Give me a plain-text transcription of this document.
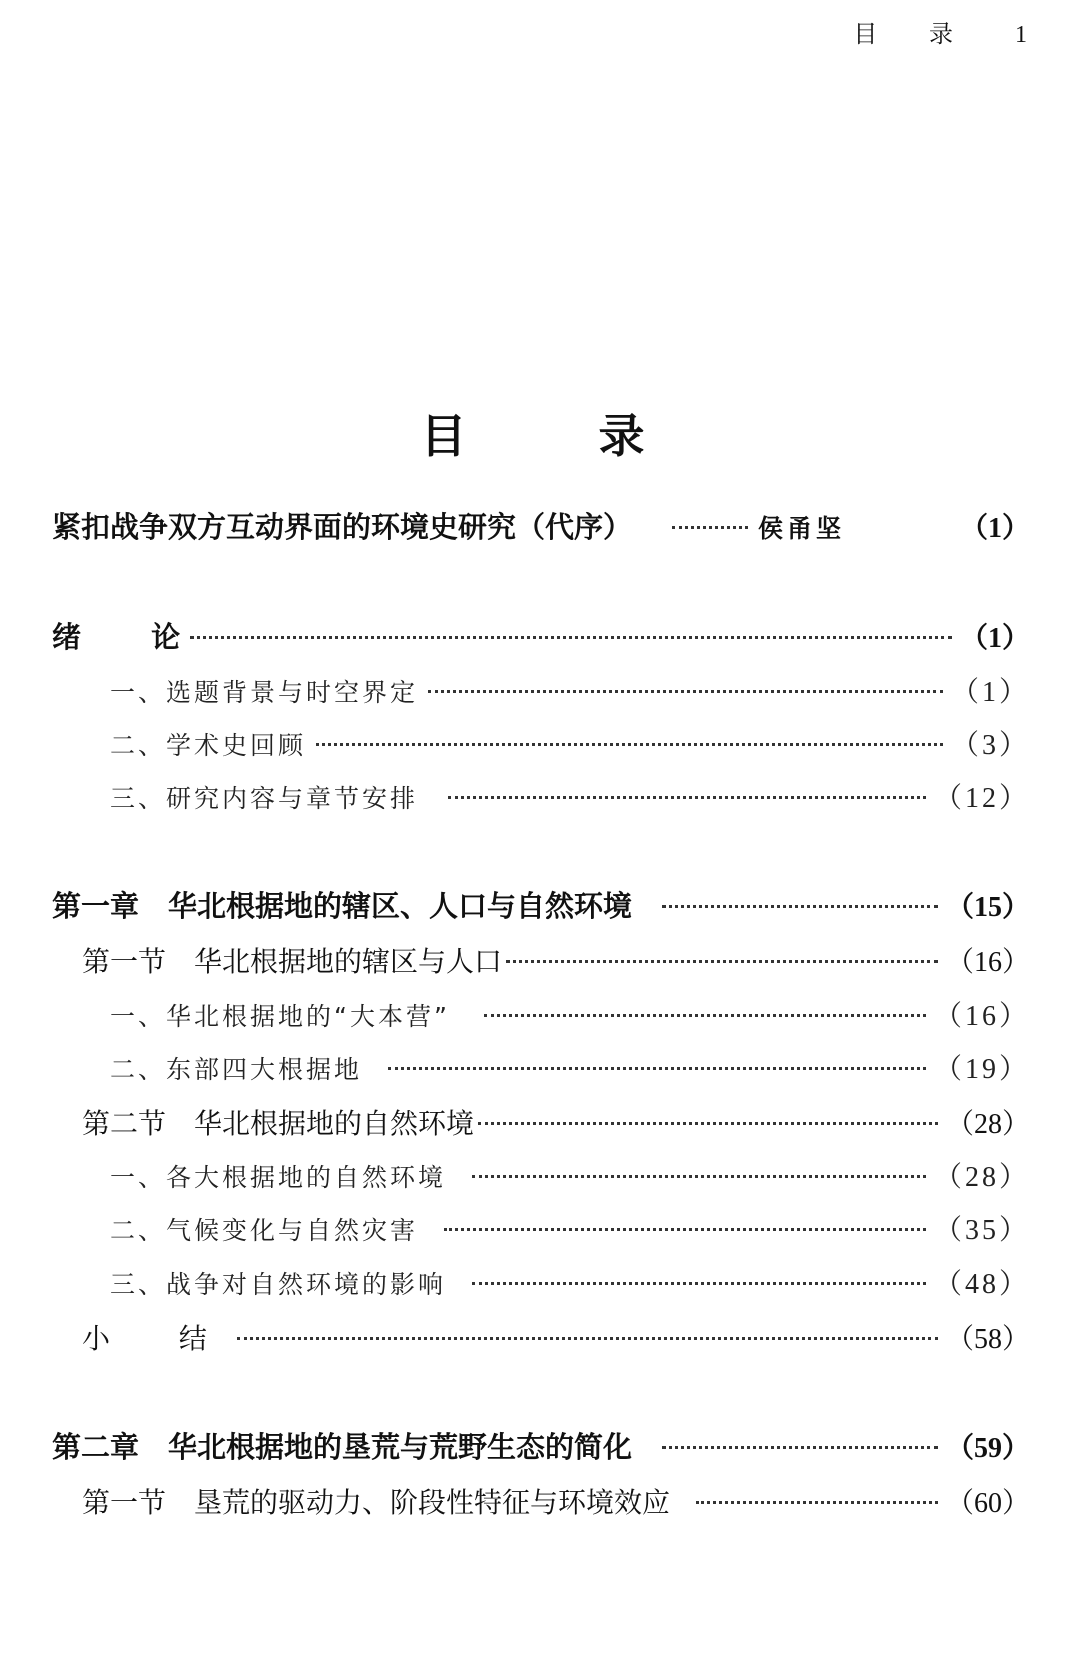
目 录 1
目 录
紧扣战争双方互动界面的环境史研究（代序）	侯甬坚	（1）
绪 论	（1）
一、选题背景与时空界定	（1）
二、学术史回顾	（3）
三、研究内容与章节安排	（12）
第一章　华北根据地的辖区、人口与自然环境	（15）
第一节　华北根据地的辖区与人口	（16）
一、华北根据地的“大本营”	（16）
二、东部四大根据地	（19）
第二节　华北根据地的自然环境	（28）
一、各大根据地的自然环境	（28）
二、气候变化与自然灾害	（35）
三、战争对自然环境的影响	（48）
小 结	（58）
第二章　华北根据地的垦荒与荒野生态的简化	（59）
第一节　垦荒的驱动力、阶段性特征与环境效应	（60）
